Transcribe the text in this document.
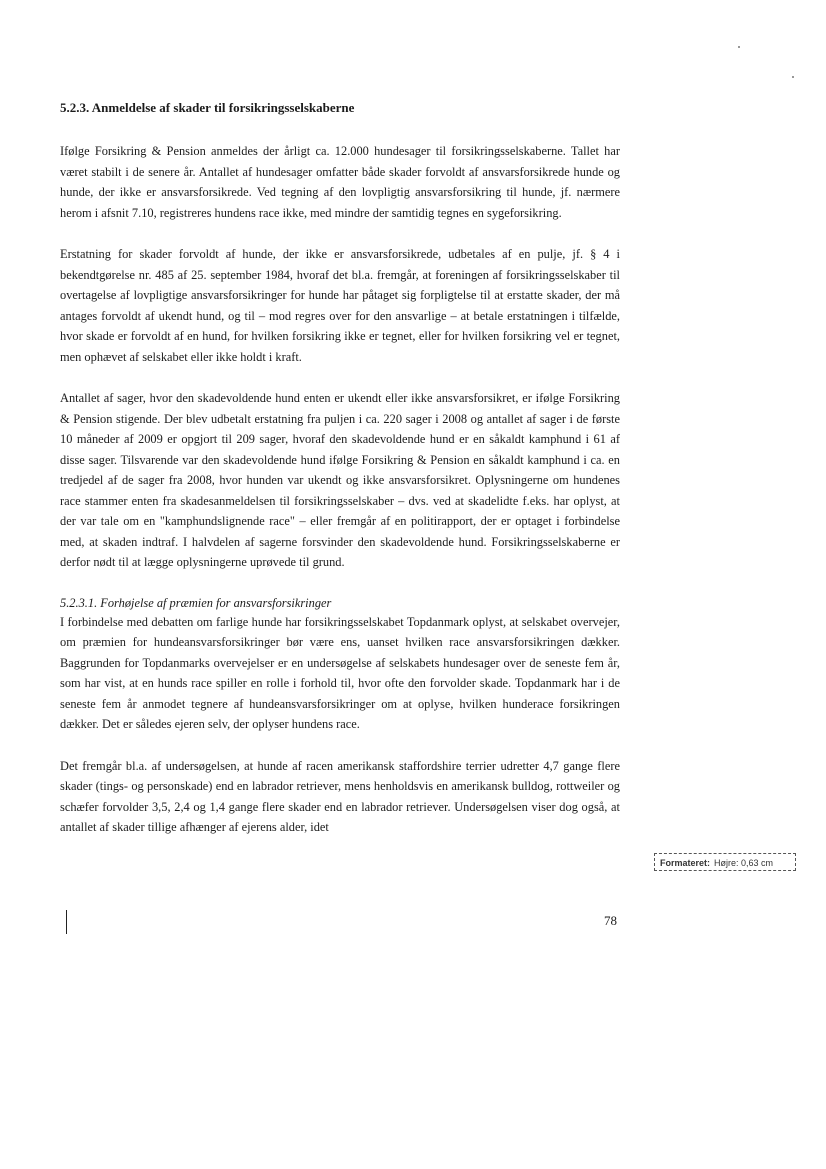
5.2.3. Anmeldelse af skader til forsikringsselskaberne

Ifølge Forsikring & Pension anmeldes der årligt ca. 12.000 hundesager til forsikringsselskaberne. Tallet har været stabilt i de senere år. Antallet af hundesager omfatter både skader forvoldt af ansvarsforsikrede hunde og hunde, der ikke er ansvarsforsikrede. Ved tegning af den lovpligtig ansvarsforsikring til hunde, jf. nærmere herom i afsnit 7.10, registreres hundens race ikke, med mindre der samtidig tegnes en sygeforsikring.

Erstatning for skader forvoldt af hunde, der ikke er ansvarsforsikrede, udbetales af en pulje, jf. § 4 i bekendtgørelse nr. 485 af 25. september 1984, hvoraf det bl.a. fremgår, at foreningen af forsikringsselskaber til overtagelse af lovpligtige ansvarsforsikringer for hunde har påtaget sig forpligtelse til at erstatte skader, der må antages forvoldt af ukendt hund, og til – mod regres over for den ansvarlige – at betale erstatningen i tilfælde, hvor skade er forvoldt af en hund, for hvilken forsikring ikke er tegnet, eller for hvilken forsikring vel er tegnet, men ophævet af selskabet eller ikke holdt i kraft.

Antallet af sager, hvor den skadevoldende hund enten er ukendt eller ikke ansvarsforsikret, er ifølge Forsikring & Pension stigende. Der blev udbetalt erstatning fra puljen i ca. 220 sager i 2008 og antallet af sager i de første 10 måneder af 2009 er opgjort til 209 sager, hvoraf den skadevoldende hund er en såkaldt kamphund i 61 af disse sager. Tilsvarende var den skadevoldende hund ifølge Forsikring & Pension en såkaldt kamphund i ca. en tredjedel af de sager fra 2008, hvor hunden var ukendt og ikke ansvarsforsikret. Oplysningerne om hundenes race stammer enten fra skadesanmeldelsen til forsikringsselskaber – dvs. ved at skadelidte f.eks. har oplyst, at der var tale om en "kamphundslignende race" – eller fremgår af en politirapport, der er optaget i forbindelse med, at skaden indtraf. I halvdelen af sagerne forsvinder den skadevoldende hund. Forsikringsselskaberne er derfor nødt til at lægge oplysningerne uprøvede til grund.

5.2.3.1. Forhøjelse af præmien for ansvarsforsikringer

I forbindelse med debatten om farlige hunde har forsikringsselskabet Topdanmark oplyst, at selskabet overvejer, om præmien for hundeansvarsforsikringer bør være ens, uanset hvilken race ansvarsforsikringen dækker. Baggrunden for Topdanmarks overvejelser er en undersøgelse af selskabets hundesager over de seneste fem år, som har vist, at en hunds race spiller en rolle i forhold til, hvor ofte den forvolder skade. Topdanmark har i de seneste fem år anmodet tegnere af hundeansvarsforsikringer om at oplyse, hvilken hunderace forsikringen dækker. Det er således ejeren selv, der oplyser hundens race.

Det fremgår bl.a. af undersøgelsen, at hunde af racen amerikansk staffordshire terrier udretter 4,7 gange flere skader (tings- og personskade) end en labrador retriever, mens henholdsvis en amerikansk bulldog, rottweiler og schæfer forvolder 3,5, 2,4 og 1,4 gange flere skader end en labrador retriever. Undersøgelsen viser dog også, at antallet af skader tillige afhænger af ejerens alder, idet

Formateret: Højre: 0,63 cm
78
